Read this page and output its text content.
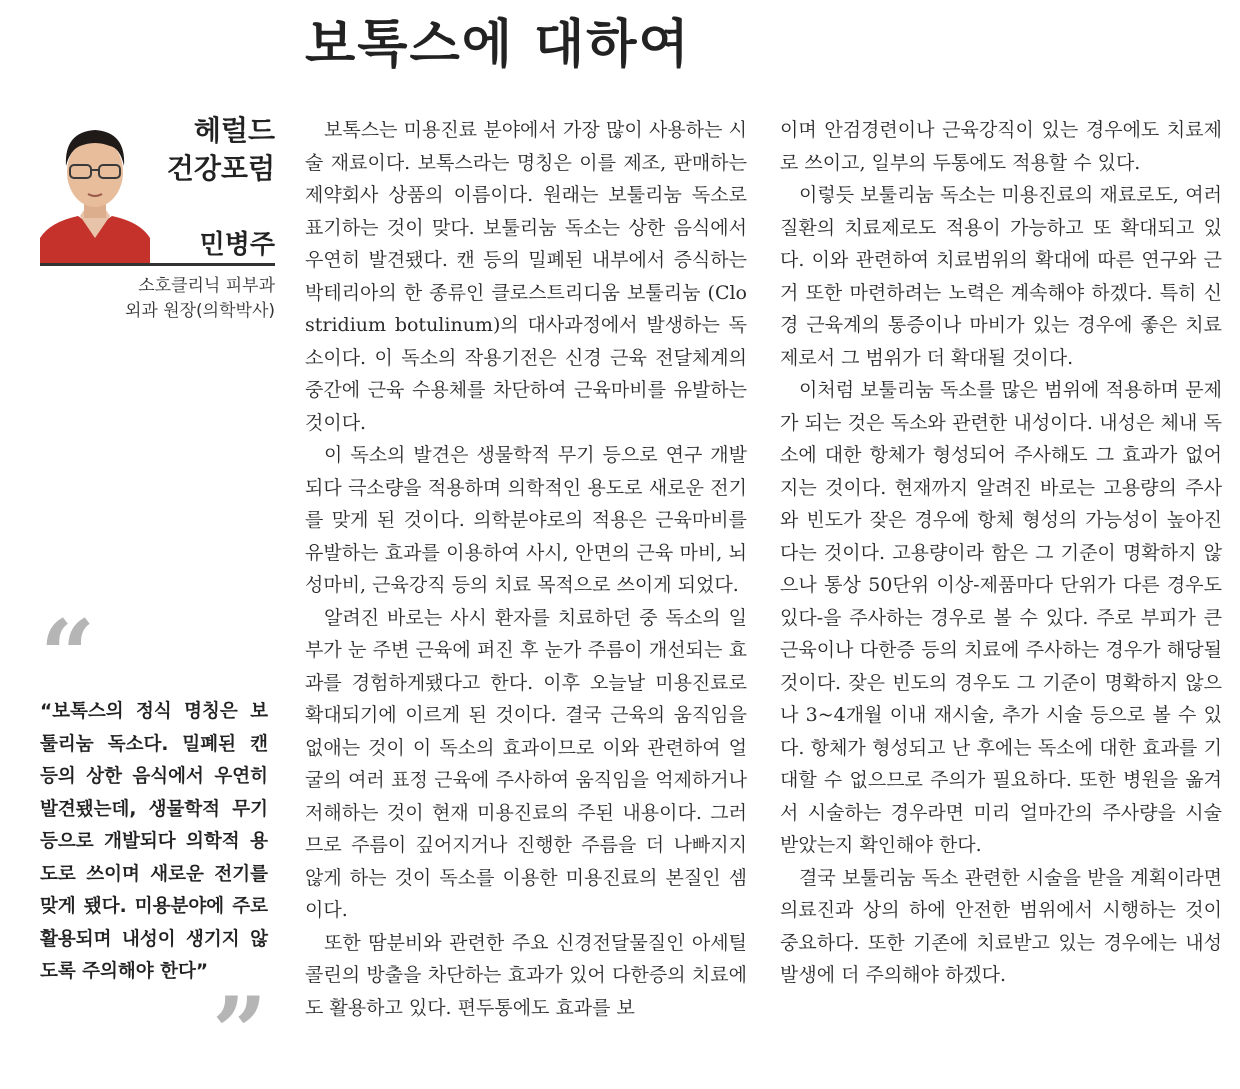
보톡스에 대하여
헤럴드
건강포럼
민병주
소호클리닉 피부과
외과 원장(의학박사)
“
“보톡스의 정식 명칭은 보툴리눔 독소다. 밀폐된 캔 등의 상한 음식에서 우연히 발견됐는데, 생물학적 무기 등으로 개발되다 의학적 용도로 쓰이며 새로운 전기를 맞게 됐다. 미용분야에 주로 활용되며 내성이 생기지 않도록 주의해야 한다”
”

보톡스는 미용진료 분야에서 가장 많이 사용하는 시술 재료이다. 보톡스라는 명칭은 이를 제조, 판매하는 제약회사 상품의 이름이다. 원래는 보툴리눔 독소로 표기하는 것이 맞다. 보툴리눔 독소는 상한 음식에서 우연히 발견됐다. 캔 등의 밀폐된 내부에서 증식하는 박테리아의 한 종류인 클로스트리디움 보툴리눔 (Clostridium botulinum)의 대사과정에서 발생하는 독소이다. 이 독소의 작용기전은 신경 근육 전달체계의 중간에 근육 수용체를 차단하여 근육마비를 유발하는 것이다.

이 독소의 발견은 생물학적 무기 등으로 연구 개발되다 극소량을 적용하며 의학적인 용도로 새로운 전기를 맞게 된 것이다. 의학분야로의 적용은 근육마비를 유발하는 효과를 이용하여 사시, 안면의 근육 마비, 뇌성마비, 근육강직 등의 치료 목적으로 쓰이게 되었다.

알려진 바로는 사시 환자를 치료하던 중 독소의 일부가 눈 주변 근육에 퍼진 후 눈가 주름이 개선되는 효과를 경험하게됐다고 한다. 이후 오늘날 미용진료로 확대되기에 이르게 된 것이다. 결국 근육의 움직임을 없애는 것이 이 독소의 효과이므로 이와 관련하여 얼굴의 여러 표정 근육에 주사하여 움직임을 억제하거나 저해하는 것이 현재 미용진료의 주된 내용이다. 그러므로 주름이 깊어지거나 진행한 주름을 더 나빠지지 않게 하는 것이 독소를 이용한 미용진료의 본질인 셈이다.

또한 땀분비와 관련한 주요 신경전달물질인 아세틸콜린의 방출을 차단하는 효과가 있어 다한증의 치료에도 활용하고 있다. 편두통에도 효과를 보

이며 안검경련이나 근육강직이 있는 경우에도 치료제로 쓰이고, 일부의 두통에도 적용할 수 있다.

이렇듯 보툴리눔 독소는 미용진료의 재료로도, 여러 질환의 치료제로도 적용이 가능하고 또 확대되고 있다. 이와 관련하여 치료범위의 확대에 따른 연구와 근거 또한 마련하려는 노력은 계속해야 하겠다. 특히 신경 근육계의 통증이나 마비가 있는 경우에 좋은 치료제로서 그 범위가 더 확대될 것이다.

이처럼 보툴리눔 독소를 많은 범위에 적용하며 문제가 되는 것은 독소와 관련한 내성이다. 내성은 체내 독소에 대한 항체가 형성되어 주사해도 그 효과가 없어지는 것이다. 현재까지 알려진 바로는 고용량의 주사와 빈도가 잦은 경우에 항체 형성의 가능성이 높아진다는 것이다. 고용량이라 함은 그 기준이 명확하지 않으나 통상 50단위 이상-제품마다 단위가 다른 경우도 있다-을 주사하는 경우로 볼 수 있다. 주로 부피가 큰 근육이나 다한증 등의 치료에 주사하는 경우가 해당될 것이다. 잦은 빈도의 경우도 그 기준이 명확하지 않으나 3~4개월 이내 재시술, 추가 시술 등으로 볼 수 있다. 항체가 형성되고 난 후에는 독소에 대한 효과를 기대할 수 없으므로 주의가 필요하다. 또한 병원을 옮겨서 시술하는 경우라면 미리 얼마간의 주사량을 시술 받았는지 확인해야 한다.

결국 보툴리눔 독소 관련한 시술을 받을 계획이라면 의료진과 상의 하에 안전한 범위에서 시행하는 것이 중요하다. 또한 기존에 치료받고 있는 경우에는 내성 발생에 더 주의해야 하겠다.
